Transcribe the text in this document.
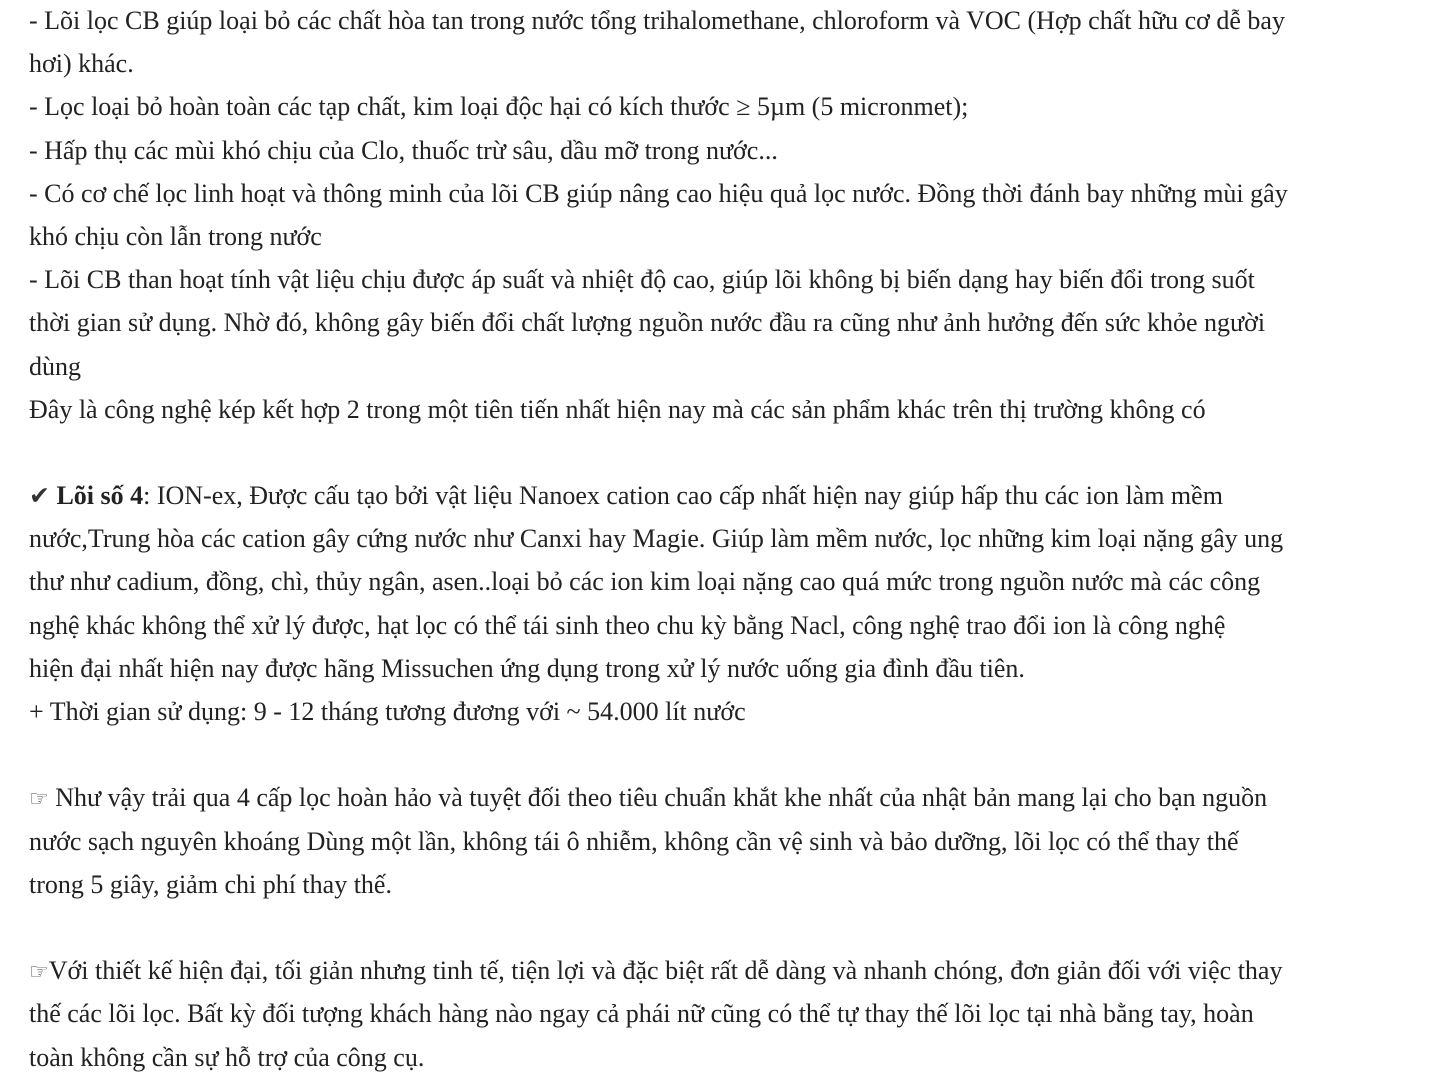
- Lõi lọc CB giúp loại bỏ các chất hòa tan trong nước tổng trihalomethane, chloroform và VOC (Hợp chất hữu cơ dễ bay
hơi) khác.
- Lọc loại bỏ hoàn toàn các tạp chất, kim loại độc hại có kích thước ≥ 5µm (5 micronmet);
- Hấp thụ các mùi khó chịu của Clo, thuốc trừ sâu, dầu mỡ trong nước...
- Có cơ chế lọc linh hoạt và thông minh của lõi CB giúp nâng cao hiệu quả lọc nước. Đồng thời đánh bay những mùi gây
khó chịu còn lẫn trong nước
- Lõi CB than hoạt tính vật liệu chịu được áp suất và nhiệt độ cao, giúp lõi không bị biến dạng hay biến đổi trong suốt
thời gian sử dụng. Nhờ đó, không gây biến đổi chất lượng nguồn nước đầu ra cũng như ảnh hưởng đến sức khỏe người
dùng
Đây là công nghệ kép kết hợp 2 trong một tiên tiến nhất hiện nay mà các sản phẩm khác trên thị trường không có
✔ Lõi số 4: ION-ex, Được cấu tạo bởi vật liệu Nanoex cation cao cấp nhất hiện nay giúp hấp thu các ion làm mềm
nước,Trung hòa các cation gây cứng nước như Canxi hay Magie. Giúp làm mềm nước, lọc những kim loại nặng gây ung
thư như cadium, đồng, chì, thủy ngân, asen..loại bỏ các ion kim loại nặng cao quá mức trong nguồn nước mà các công
nghệ khác không thể xử lý được, hạt lọc có thể tái sinh theo chu kỳ bằng Nacl, công nghệ trao đổi ion là công nghệ
hiện đại nhất hiện nay được hãng Missuchen ứng dụng trong xử lý nước uống gia đình đầu tiên.
+ Thời gian sử dụng: 9 - 12 tháng tương đương với ~ 54.000 lít nước
☞ Như vậy trải qua 4 cấp lọc hoàn hảo và tuyệt đối theo tiêu chuẩn khắt khe nhất của nhật bản mang lại cho bạn nguồn
nước sạch nguyên khoáng Dùng một lần, không tái ô nhiễm, không cần vệ sinh và bảo dưỡng, lõi lọc có thể thay thế
trong 5 giây, giảm chi phí thay thế.
☞Với thiết kế hiện đại, tối giản nhưng tinh tế, tiện lợi và đặc biệt rất dễ dàng và nhanh chóng, đơn giản đối với việc thay
thế các lõi lọc. Bất kỳ đối tượng khách hàng nào ngay cả phái nữ cũng có thể tự thay thế lõi lọc tại nhà bằng tay, hoàn
toàn không cần sự hỗ trợ của công cụ.
